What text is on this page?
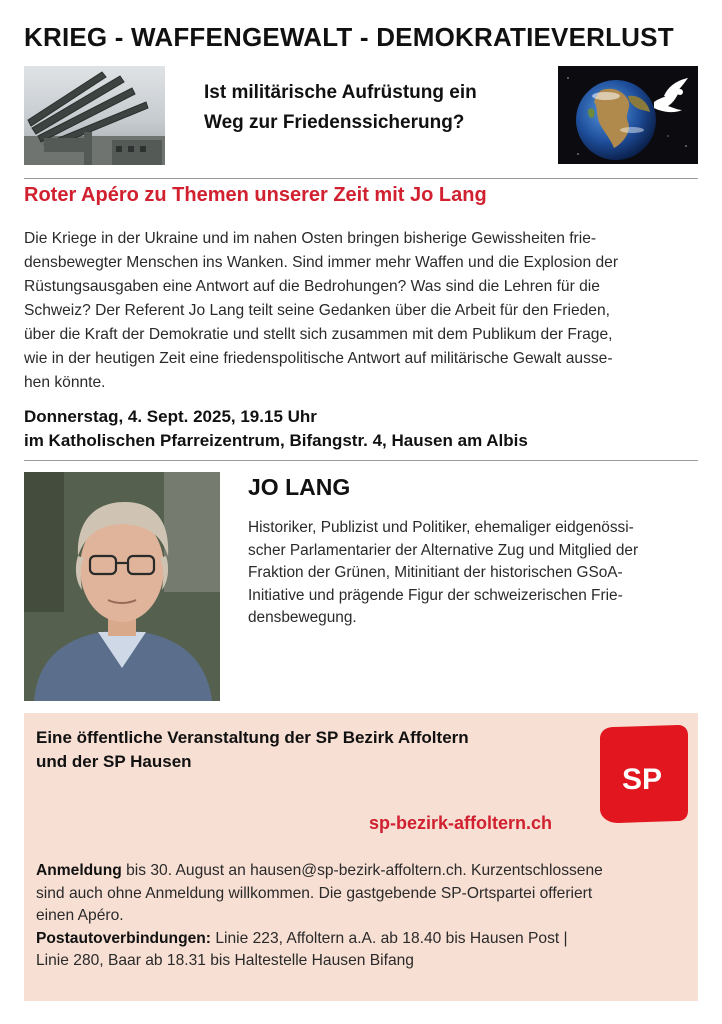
KRIEG - WAFFENGEWALT - DEMOKRATIEVERLUST
Ist militärische Aufrüstung ein
Weg zur Friedenssicherung?
Roter Apéro zu Themen unserer Zeit mit Jo Lang
Die Kriege in der Ukraine und im nahen Osten bringen bisherige Gewissheiten frie-
densbewegter Menschen ins Wanken. Sind immer mehr Waffen und die Explosion der
Rüstungsausgaben eine Antwort auf die Bedrohungen? Was sind die Lehren für die
Schweiz? Der Referent Jo Lang teilt seine Gedanken über die Arbeit für den Frieden,
über die Kraft der Demokratie und stellt sich zusammen mit dem Publikum der Frage,
wie in der heutigen Zeit eine friedenspolitische Antwort auf militärische Gewalt ausse-
hen könnte.
Donnerstag, 4. Sept. 2025, 19.15 Uhr
im Katholischen Pfarreizentrum, Bifangstr. 4, Hausen am Albis
JO LANG
Historiker, Publizist und Politiker, ehemaliger eidgenössi-
scher Parlamentarier der Alternative Zug und Mitglied der
Fraktion der Grünen, Mitinitiant der historischen GSoA-
Initiative und prägende Figur der schweizerischen Frie-
densbewegung.
Eine öffentliche Veranstaltung der SP Bezirk Affoltern
und der SP Hausen
SP
sp-bezirk-affoltern.ch
Anmeldung bis 30. August an hausen@sp-bezirk-affoltern.ch. Kurzentschlossene
sind auch ohne Anmeldung willkommen. Die gastgebende SP-Ortspartei offeriert
einen Apéro.
Postautoverbindungen: Linie 223, Affoltern a.A. ab 18.40 bis Hausen Post |
Linie 280, Baar ab 18.31 bis Haltestelle Hausen Bifang
